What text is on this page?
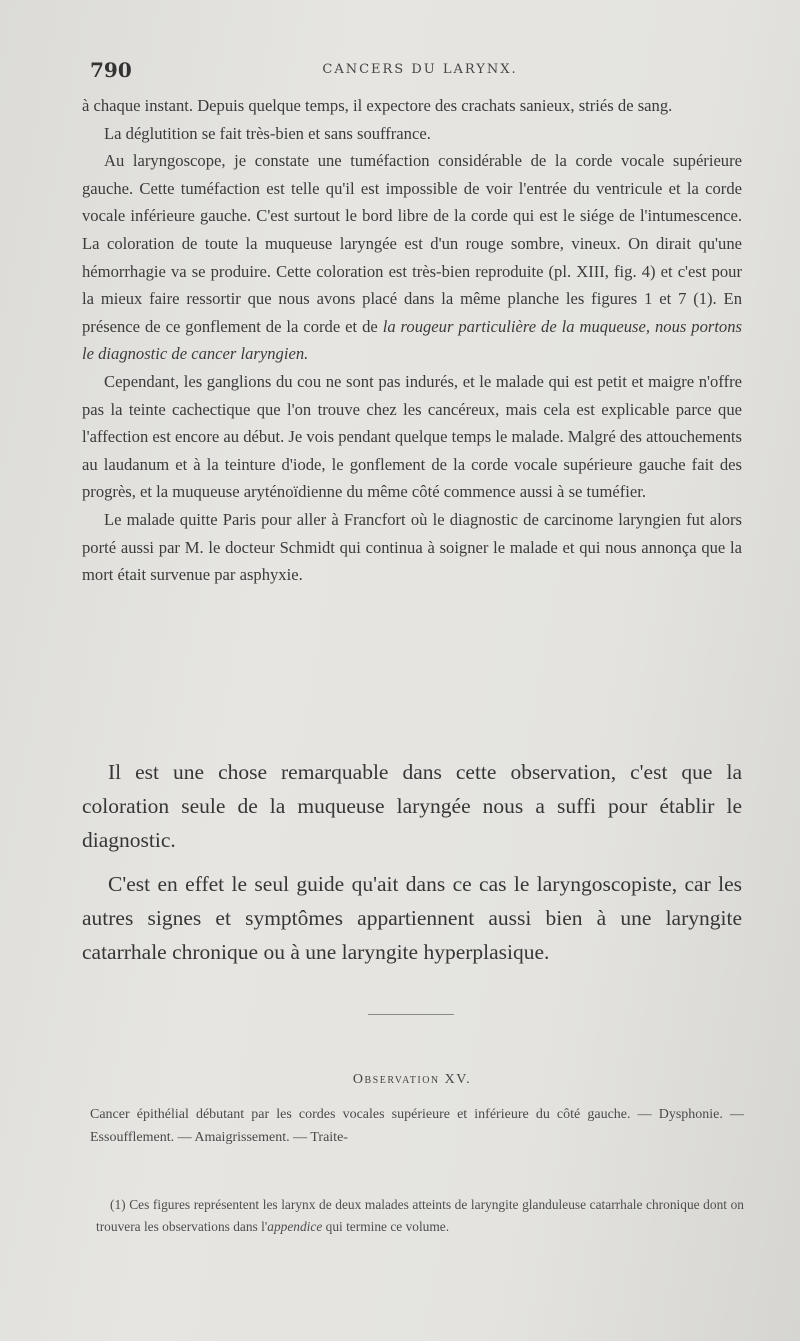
790	CANCERS DU LARYNX.

à chaque instant. Depuis quelque temps, il expectore des crachats sanieux, striés de sang.

La déglutition se fait très-bien et sans souffrance.

Au laryngoscope, je constate une tuméfaction considérable de la corde vocale supérieure gauche. Cette tuméfaction est telle qu'il est impossible de voir l'entrée du ventricule et la corde vocale inférieure gauche. C'est surtout le bord libre de la corde qui est le siége de l'intumescence. La coloration de toute la muqueuse laryngée est d'un rouge sombre, vineux. On dirait qu'une hémorrhagie va se produire. Cette coloration est très-bien reproduite (pl. XIII, fig. 4) et c'est pour la mieux faire ressortir que nous avons placé dans la même planche les figures 1 et 7 (1). En présence de ce gonflement de la corde et de la rougeur particulière de la muqueuse, nous portons le diagnostic de cancer laryngien.

Cependant, les ganglions du cou ne sont pas indurés, et le malade qui est petit et maigre n'offre pas la teinte cachectique que l'on trouve chez les cancéreux, mais cela est explicable parce que l'affection est encore au début. Je vois pendant quelque temps le malade. Malgré des attouchements au laudanum et à la teinture d'iode, le gonflement de la corde vocale supérieure gauche fait des progrès, et la muqueuse aryténoïdienne du même côté commence aussi à se tuméfier.

Le malade quitte Paris pour aller à Francfort où le diagnostic de carcinome laryngien fut alors porté aussi par M. le docteur Schmidt qui continua à soigner le malade et qui nous annonça que la mort était survenue par asphyxie.

Il est une chose remarquable dans cette observation, c'est que la coloration seule de la muqueuse laryngée nous a suffi pour établir le diagnostic.

C'est en effet le seul guide qu'ait dans ce cas le laryngoscopiste, car les autres signes et symptômes appartiennent aussi bien à une laryngite catarrhale chronique ou à une laryngite hyperplasique.

Observation XV.

Cancer épithélial débutant par les cordes vocales supérieure et inférieure du côté gauche. — Dysphonie. — Essoufflement. — Amaigrissement. — Traite-

(1) Ces figures représentent les larynx de deux malades atteints de laryngite glanduleuse catarrhale chronique dont on trouvera les observations dans l'appendice qui termine ce volume.
